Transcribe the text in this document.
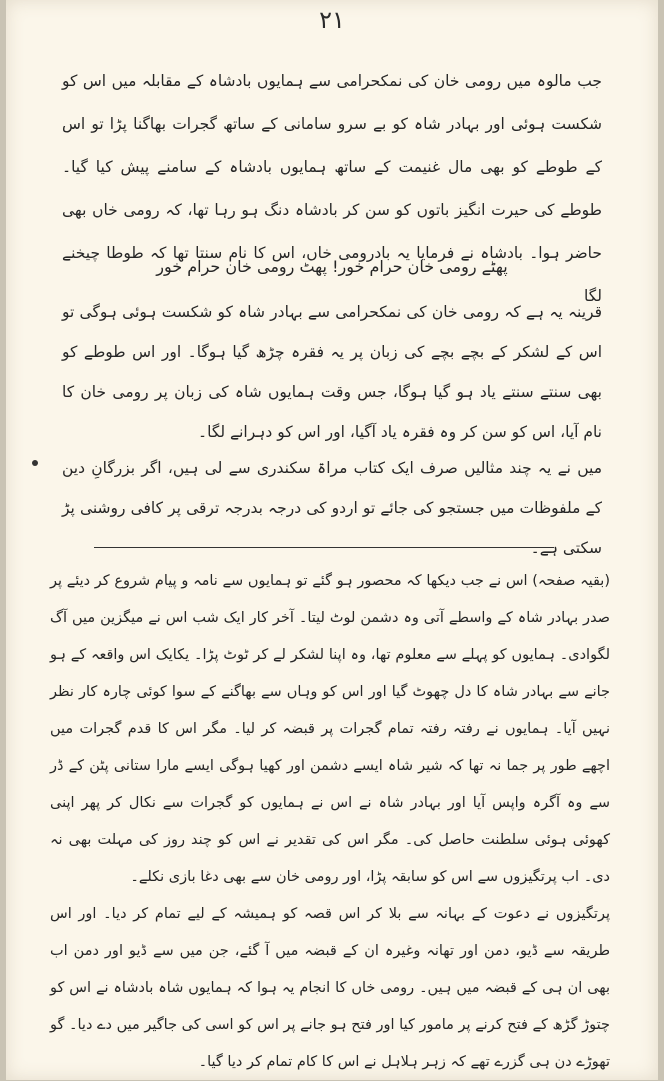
۲۱
جب مالوہ میں رومی خان کی نمکحرامی سے ہمایوں بادشاہ کے مقابلہ میں اس کو شکست ہوئی اور بہادر شاہ کو بے سرو سامانی کے ساتھ گجرات بھاگنا پڑا تو اس کے طوطے کو بھی مال غنیمت کے ساتھ ہمایوں بادشاہ کے سامنے پیش کیا گیا۔ طوطے کی حیرت انگیز باتوں کو سن کر بادشاہ دنگ ہو رہا تھا، کہ رومی خاں بھی حاضر ہوا۔ بادشاہ نے فرمایا یہ بادرومی خاں، اس کا نام سنتا تھا کہ طوطا چیخنے لگا
پھٹے رومی خان حرام خور! پھٹ رومی خان حرام خور
قرینہ یہ ہے کہ رومی خان کی نمکحرامی سے بہادر شاہ کو شکست ہوئی ہوگی تو اس کے لشکر کے بچے بچے کی زبان پر یہ فقرہ چڑھ گیا ہوگا۔ اور اس طوطے کو بھی سنتے سنتے یاد ہو گیا ہوگا، جس وقت ہمایوں شاہ کی زبان پر رومی خان کا نام آیا، اس کو سن کر وہ فقرہ یاد آگیا، اور اس کو دہرانے لگا۔
میں نے یہ چند مثالیں صرف ایک کتاب مراۃ سکندری سے لی ہیں، اگر بزرگانِ دین کے ملفوظات میں جستجو کی جائے تو اردو کی درجہ بدرجہ ترقی پر کافی روشنی پڑ سکتی ہے۔

(بقیہ صفحہ) اس نے جب دیکھا کہ محصور ہو گئے تو ہمایوں سے نامہ و پیام شروع کر دیئے پر صدر بہادر شاہ کے واسطے آتی وہ دشمن لوٹ لیتا۔ آخر کار ایک شب اس نے میگزین میں آگ لگوادی۔ ہمایوں کو پہلے سے معلوم تھا، وہ اپنا لشکر لے کر ٹوٹ پڑا۔ یکایک اس واقعہ کے ہو جانے سے بہادر شاہ کا دل چھوٹ گیا اور اس کو وہاں سے بھاگنے کے سوا کوئی چارہ کار نظر نہیں آیا۔ ہمایوں نے رفتہ رفتہ تمام گجرات پر قبضہ کر لیا۔ مگر اس کا قدم گجرات میں اچھے طور پر جما نہ تھا کہ شیر شاہ ایسے دشمن اور کھیا ہوگی ایسے مارا ستانی پٹن کے ڈر سے وہ آگرہ واپس آیا اور بہادر شاہ نے اس نے ہمایوں کو گجرات سے نکال کر پھر اپنی کھوئی ہوئی سلطنت حاصل کی۔ مگر اس کی تقدیر نے اس کو چند روز کی مہلت بھی نہ دی۔ اب پرتگیزوں سے اس کو سابقہ پڑا، اور رومی خان سے بھی دغا بازی نکلے۔

پرتگیزوں نے دعوت کے بہانہ سے بلا کر اس قصہ کو ہمیشہ کے لیے تمام کر دیا۔ اور اس طریقہ سے ڈیو، دمن اور تھانہ وغیرہ ان کے قبضہ میں آ گئے، جن میں سے ڈیو اور دمن اب بھی ان ہی کے قبضہ میں ہیں۔ رومی خاں کا انجام یہ ہوا کہ ہمایوں شاہ بادشاہ نے اس کو چتوڑ گڑھ کے فتح کرنے پر مامور کیا اور فتح ہو جانے پر اس کو اسی کی جاگیر میں دے دیا۔ گو تھوڑے دن ہی گزرے تھے کہ زہر ہلاہل نے اس کا کام تمام کر دیا گیا۔
